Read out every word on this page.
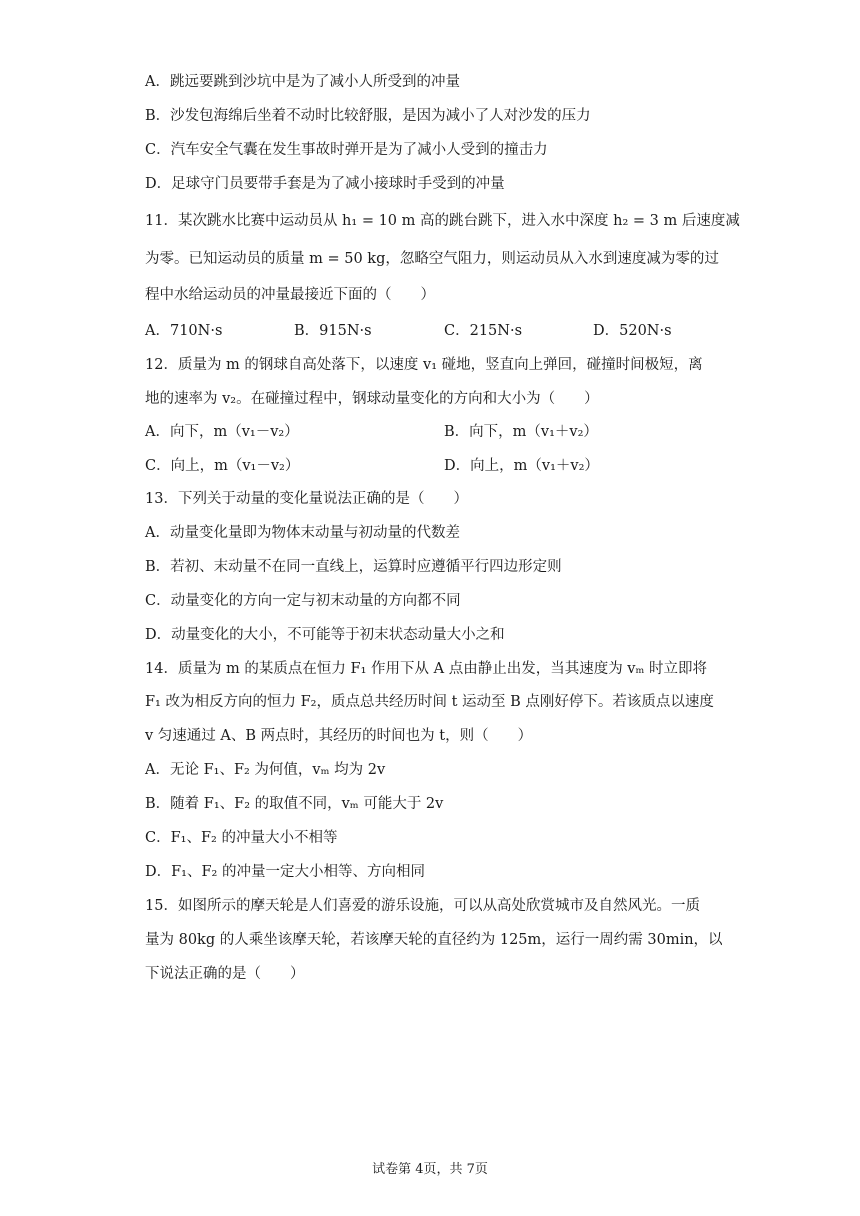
A．跳远要跳到沙坑中是为了减小人所受到的冲量
B．沙发包海绵后坐着不动时比较舒服，是因为减小了人对沙发的压力
C．汽车安全气囊在发生事故时弹开是为了减小人受到的撞击力
D．足球守门员要带手套是为了减小接球时手受到的冲量
11．某次跳水比赛中运动员从 h₁ = 10 m 高的跳台跳下，进入水中深度 h₂ = 3 m 后速度减
为零。已知运动员的质量 m = 50 kg，忽略空气阻力，则运动员从入水到速度减为零的过
程中水给运动员的冲量最接近下面的（　　）
A．710N·s	B．915N·s	C．215N·s	D．520N·s
12．质量为 m 的钢球自高处落下，以速度 v₁ 碰地，竖直向上弹回，碰撞时间极短，离
地的速率为 v₂。在碰撞过程中，钢球动量变化的方向和大小为（　　）
A．向下，m（v₁－v₂）	B．向下，m（v₁＋v₂）
C．向上，m（v₁－v₂）	D．向上，m（v₁＋v₂）
13．下列关于动量的变化量说法正确的是（　　）
A．动量变化量即为物体末动量与初动量的代数差
B．若初、末动量不在同一直线上，运算时应遵循平行四边形定则
C．动量变化的方向一定与初末动量的方向都不同
D．动量变化的大小，不可能等于初末状态动量大小之和
14．质量为 m 的某质点在恒力 F₁ 作用下从 A 点由静止出发，当其速度为 vₘ 时立即将
F₁ 改为相反方向的恒力 F₂，质点总共经历时间 t 运动至 B 点刚好停下。若该质点以速度
v 匀速通过 A、B 两点时，其经历的时间也为 t，则（　　）
A．无论 F₁、F₂ 为何值，vₘ 均为 2v
B．随着 F₁、F₂ 的取值不同，vₘ 可能大于 2v
C．F₁、F₂ 的冲量大小不相等
D．F₁、F₂ 的冲量一定大小相等、方向相同
15．如图所示的摩天轮是人们喜爱的游乐设施，可以从高处欣赏城市及自然风光。一质
量为 80kg 的人乘坐该摩天轮，若该摩天轮的直径约为 125m，运行一周约需 30min，以
下说法正确的是（　　）
试卷第 4页，共 7页
